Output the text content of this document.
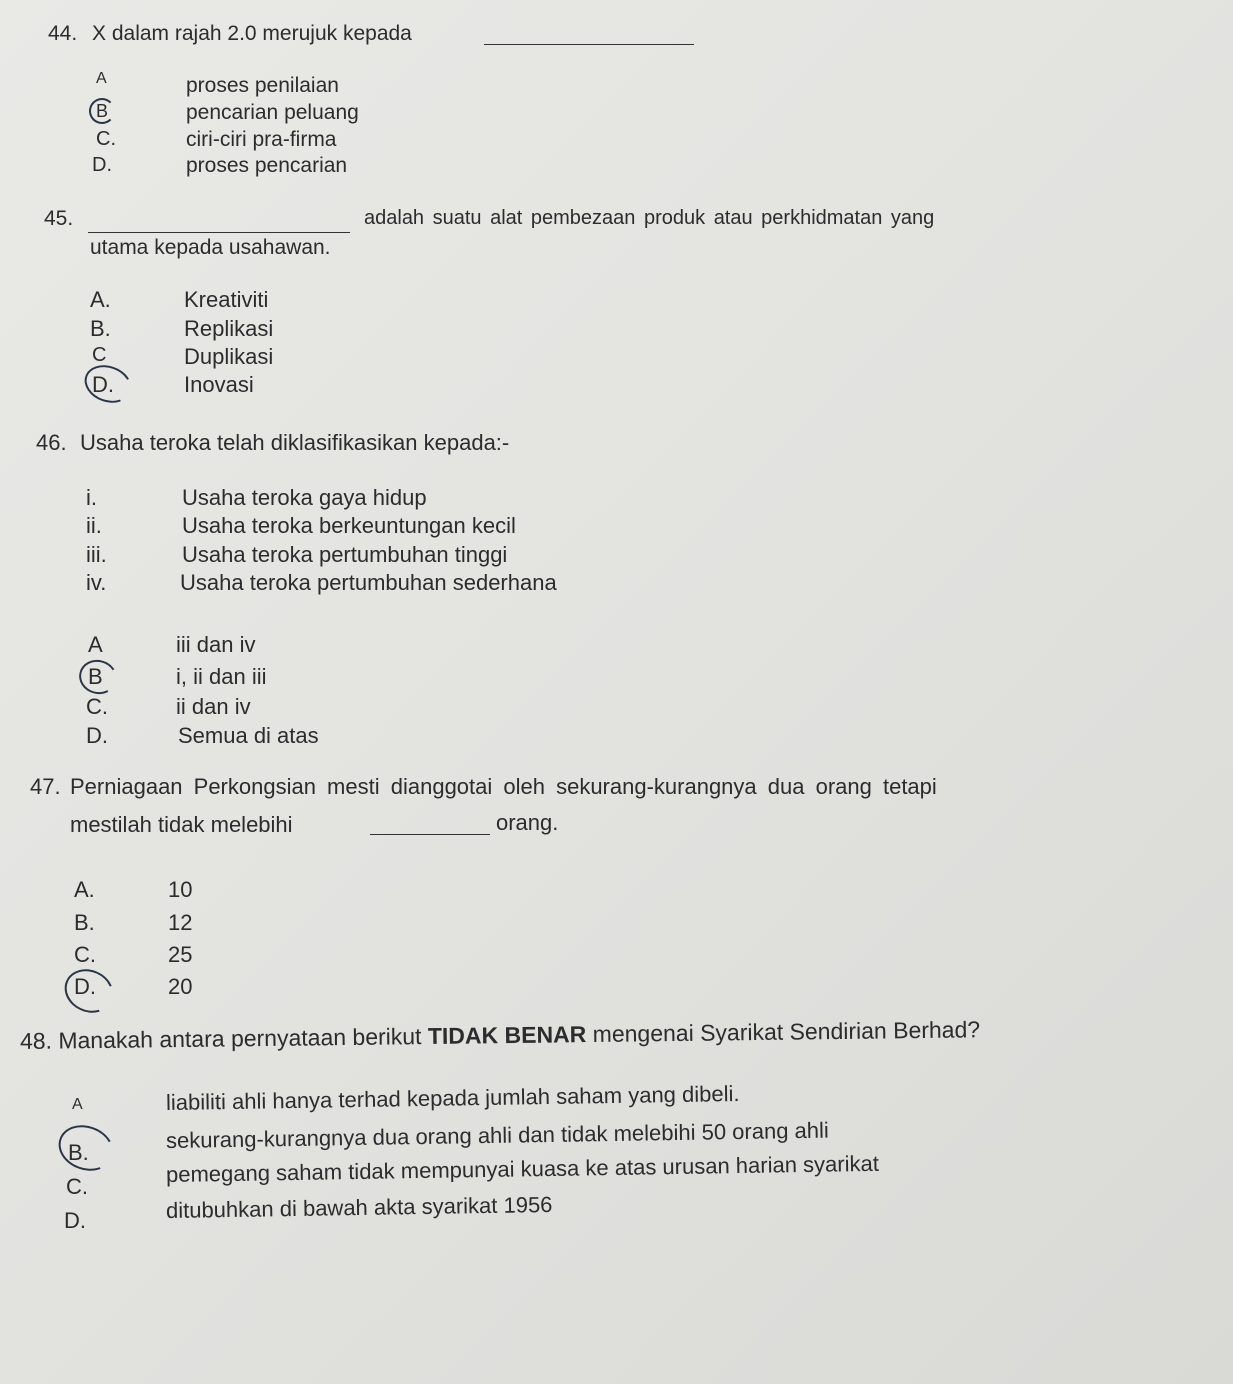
44. X dalam rajah 2.0 merujuk kepada
A	proses penilaian
B	pencarian peluang
C.	ciri-ciri pra-firma
D.	proses pencarian
45.	adalah suatu alat pembezaan produk atau perkhidmatan yang
utama kepada usahawan.
A.	Kreativiti
B.	Replikasi
C	Duplikasi
D.	Inovasi
46. Usaha teroka telah diklasifikasikan kepada:-
i.	Usaha teroka gaya hidup
ii.	Usaha teroka berkeuntungan kecil
iii.	Usaha teroka pertumbuhan tinggi
iv.	Usaha teroka pertumbuhan sederhana
A	iii dan iv
B	i, ii dan iii
C.	ii dan iv
D.	Semua di atas
47. Perniagaan Perkongsian mesti dianggotai oleh sekurang-kurangnya dua orang tetapi
mestilah tidak melebihi	orang.
A.	10
B.	12
C.	25
D.	20
48. Manakah antara pernyataan berikut TIDAK BENAR mengenai Syarikat Sendirian Berhad?
A	liabiliti ahli hanya terhad kepada jumlah saham yang dibeli.
B.	sekurang-kurangnya dua orang ahli dan tidak melebihi 50 orang ahli
C.	pemegang saham tidak mempunyai kuasa ke atas urusan harian syarikat
D.	ditubuhkan di bawah akta syarikat 1956
